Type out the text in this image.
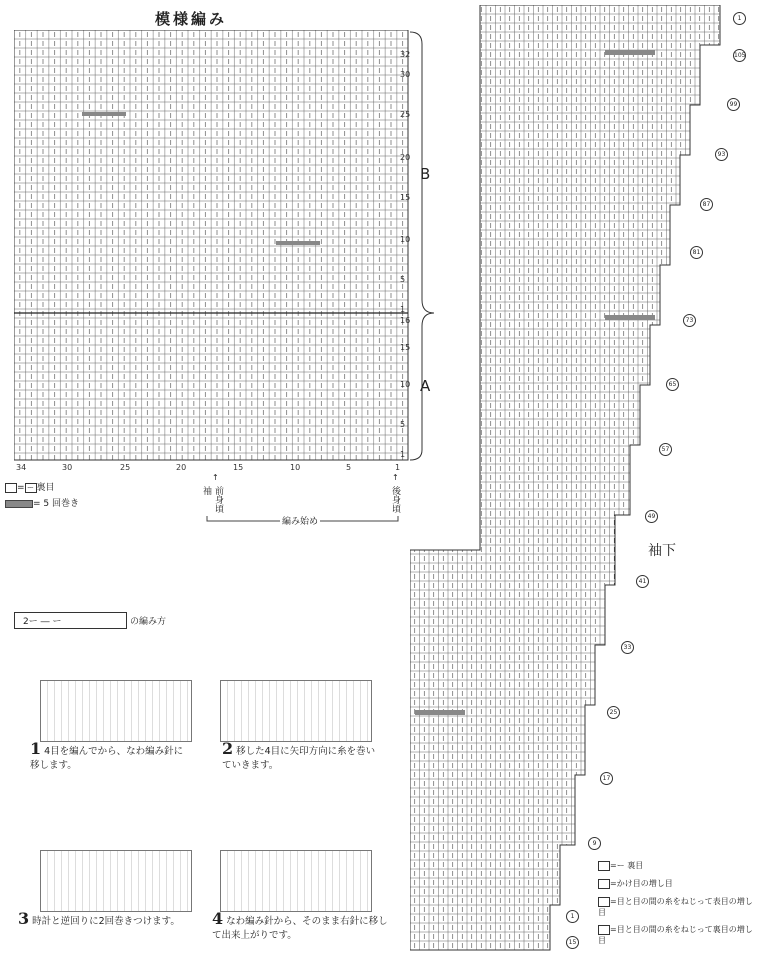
模様編み
32
30
25
20
15
10
5
1
16
15
10
5
1
34	30	25	20	15	10	5	1
B
A
↑
袖 前身頃
↑
後身頃
編み始め
= ー 裏目
= 5 回巻き
2ー ― ー	の編み方
1 4目を編んでから、なわ編み針に移します。
2 移した4目に矢印方向に糸を巻いていきます。
3 時計と逆回りに2回巻きつけます。	4 なわ編み針から、そのまま右針に移して出来上がりです。
袖下
1
105
99
93
87
81
73
65
57
49
41
33
25
17
9
1
15
=ー 裏目
=かけ目の増し目
=目と目の間の糸をねじって表目の増し目
=目と目の間の糸をねじって裏目の増し目
